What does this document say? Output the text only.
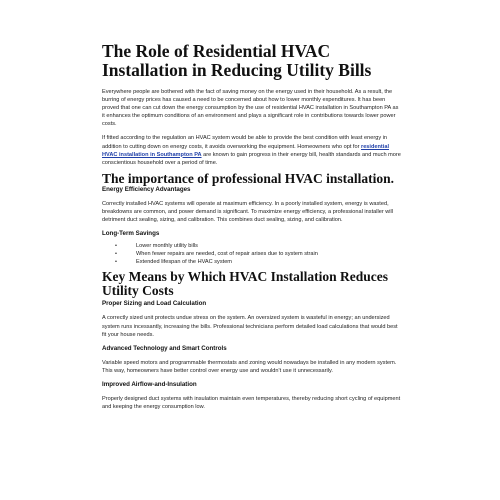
The Role of Residential HVAC Installation in Reducing Utility Bills

Everywhere people are bothered with the fact of saving money on the energy used in their household. As a result, the burring of energy prices has caused a need to be concerned about how to lower monthly expenditures. It has been proved that one can cut down the energy consumption by the use of residential HVAC installation in Southampton PA as it enhances the optimum conditions of an environment and plays a significant role in contributions towards lower power costs.

If fitted according to the regulation an HVAC system would be able to provide the best condition with least energy in addition to cutting down on energy costs, it avoids overworking the equipment. Homeowners who opt for residential HVAC installation in Southampton PA are known to gain progress in their energy bill, health standards and much more conscientious household over a period of time.

The importance of professional HVAC installation.
Energy Efficiency Advantages

Correctly installed HVAC systems will operate at maximum efficiency. In a poorly installed system, energy is wasted, breakdowns are common, and power demand is significant. To maximize energy efficiency, a professional installer will detriment duct sealing, sizing, and calibration. This combines duct sealing, sizing, and calibration.

Long-Term Savings
•	Lower monthly utility bills
•	When fewer repairs are needed, cost of repair arises due to system strain
•	Extended lifespan of the HVAC system
Key Means by Which HVAC Installation Reduces Utility Costs
Proper Sizing and Load Calculation

A correctly sized unit protects undue stress on the system. An oversized system is wasteful in energy; an undersized system runs incessantly, increasing the bills. Professional technicians perform detailed load calculations that would best fit your house needs.

Advanced Technology and Smart Controls

Variable speed motors and programmable thermostats and zoning would nowadays be installed in any modern system. This way, homeowners have better control over energy use and wouldn't use it unnecessarily.

Improved Airflow-and-Insulation

Properly designed duct systems with insulation maintain even temperatures, thereby reducing short cycling of equipment and keeping the energy consumption low.
